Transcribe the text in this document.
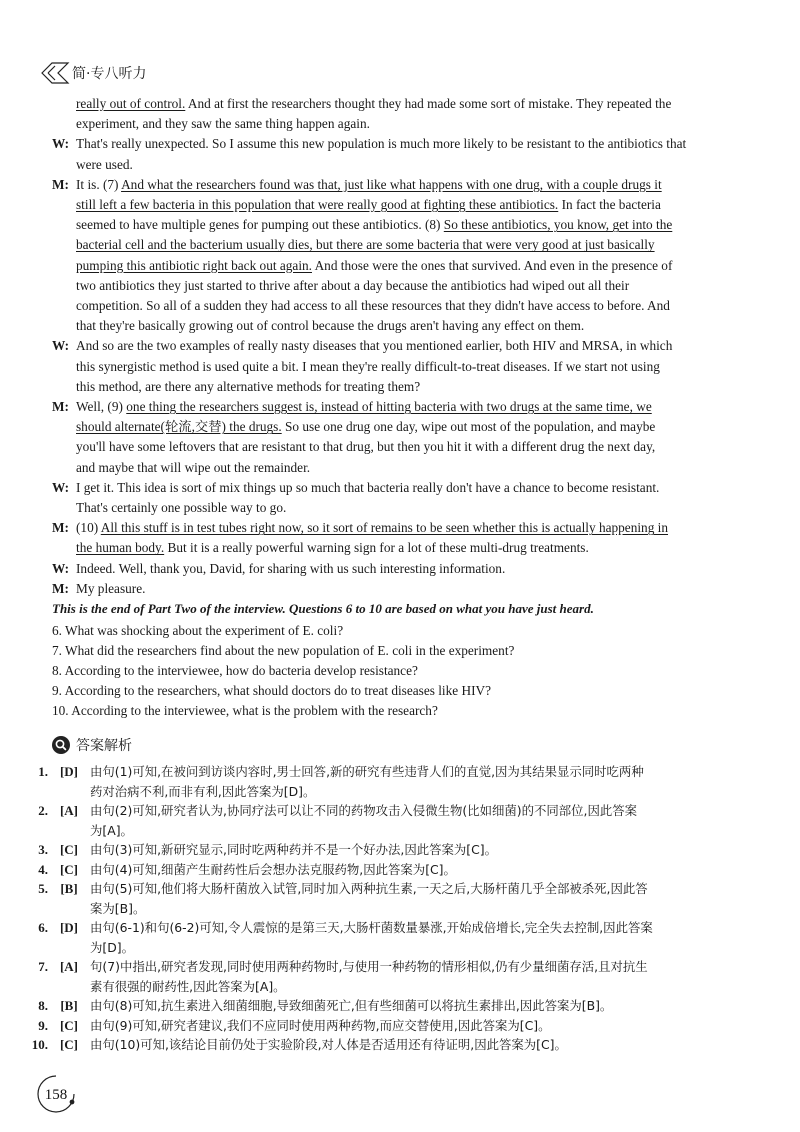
简·专八听力
really out of control. And at first the researchers thought they had made some sort of mistake. They repeated the
experiment, and they saw the same thing happen again.
W: That's really unexpected. So I assume this new population is much more likely to be resistant to the antibiotics that
were used.
M: It is. (7) And what the researchers found was that, just like what happens with one drug, with a couple drugs it
still left a few bacteria in this population that were really good at fighting these antibiotics. In fact the bacteria
seemed to have multiple genes for pumping out these antibiotics. (8) So these antibiotics, you know, get into the
bacterial cell and the bacterium usually dies, but there are some bacteria that were very good at just basically
pumping this antibiotic right back out again. And those were the ones that survived. And even in the presence of
two antibiotics they just started to thrive after about a day because the antibiotics had wiped out all their
competition. So all of a sudden they had access to all these resources that they didn't have access to before. And
that they're basically growing out of control because the drugs aren't having any effect on them.
W: And so are the two examples of really nasty diseases that you mentioned earlier, both HIV and MRSA, in which
this synergistic method is used quite a bit. I mean they're really difficult-to-treat diseases. If we start not using
this method, are there any alternative methods for treating them?
M: Well, (9) one thing the researchers suggest is, instead of hitting bacteria with two drugs at the same time, we
should alternate(轮流,交替) the drugs. So use one drug one day, wipe out most of the population, and maybe
you'll have some leftovers that are resistant to that drug, but then you hit it with a different drug the next day,
and maybe that will wipe out the remainder.
W: I get it. This idea is sort of mix things up so much that bacteria really don't have a chance to become resistant.
That's certainly one possible way to go.
M: (10) All this stuff is in test tubes right now, so it sort of remains to be seen whether this is actually happening in
the human body. But it is a really powerful warning sign for a lot of these multi-drug treatments.
W: Indeed. Well, thank you, David, for sharing with us such interesting information.
M: My pleasure.
This is the end of Part Two of the interview. Questions 6 to 10 are based on what you have just heard.
6. What was shocking about the experiment of E. coli?
7. What did the researchers find about the new population of E. coli in the experiment?
8. According to the interviewee, how do bacteria develop resistance?
9. According to the researchers, what should doctors do to treat diseases like HIV?
10. According to the interviewee, what is the problem with the research?
答案解析
1. [D] 由句(1)可知,在被问到访谈内容时,男士回答,新的研究有些违背人们的直觉,因为其结果显示同时吃两种
药对治病不利,而非有利,因此答案为[D]。
2. [A] 由句(2)可知,研究者认为,协同疗法可以让不同的药物攻击入侵微生物(比如细菌)的不同部位,因此答案
为[A]。
3. [C] 由句(3)可知,新研究显示,同时吃两种药并不是一个好办法,因此答案为[C]。
4. [C] 由句(4)可知,细菌产生耐药性后会想办法克服药物,因此答案为[C]。
5. [B] 由句(5)可知,他们将大肠杆菌放入试管,同时加入两种抗生素,一天之后,大肠杆菌几乎全部被杀死,因此答
案为[B]。
6. [D] 由句(6-1)和句(6-2)可知,令人震惊的是第三天,大肠杆菌数量暴涨,开始成倍增长,完全失去控制,因此答案
为[D]。
7. [A] 句(7)中指出,研究者发现,同时使用两种药物时,与使用一种药物的情形相似,仍有少量细菌存活,且对抗生
素有很强的耐药性,因此答案为[A]。
8. [B] 由句(8)可知,抗生素进入细菌细胞,导致细菌死亡,但有些细菌可以将抗生素排出,因此答案为[B]。
9. [C] 由句(9)可知,研究者建议,我们不应同时使用两种药物,而应交替使用,因此答案为[C]。
10. [C] 由句(10)可知,该结论目前仍处于实验阶段,对人体是否适用还有待证明,因此答案为[C]。
158
